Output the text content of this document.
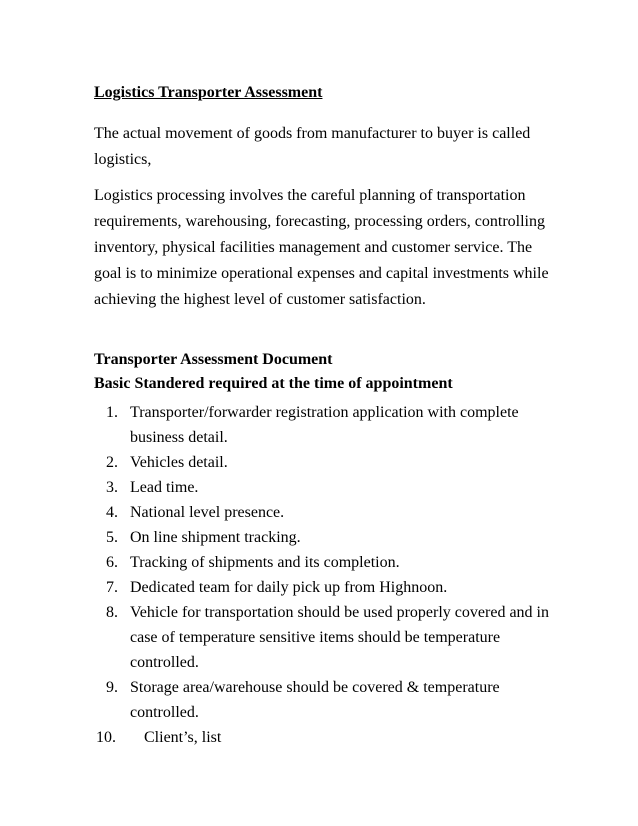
Logistics Transporter Assessment
The actual movement of goods from manufacturer to buyer is called logistics,
Logistics processing involves the careful planning of transportation requirements, warehousing, forecasting, processing orders, controlling inventory, physical facilities management and customer service. The goal is to minimize operational expenses and capital investments while achieving the highest level of customer satisfaction.
Transporter Assessment Document
Basic Standered required at the time of appointment
1. Transporter/forwarder registration application with complete business detail.
2. Vehicles detail.
3. Lead time.
4. National level presence.
5. On line shipment tracking.
6. Tracking of shipments and its completion.
7. Dedicated team for daily pick up from Highnoon.
8. Vehicle for transportation should be used properly covered and in case of temperature sensitive items should be temperature controlled.
9. Storage area/warehouse should be covered & temperature controlled.
10.	Client’s, list
